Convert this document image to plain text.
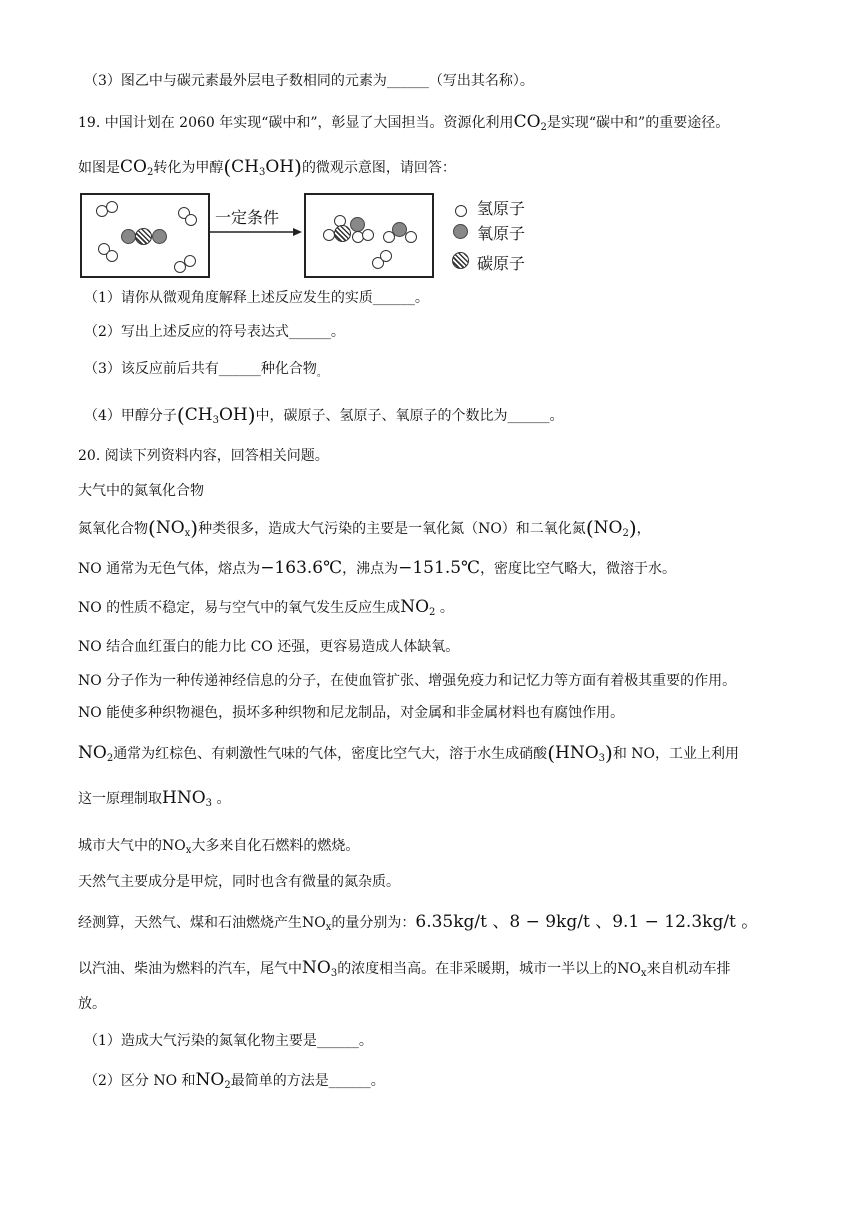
（3）图乙中与碳元素最外层电子数相同的元素为______（写出其名称）。
19. 中国计划在 2060 年实现“碳中和”，彰显了大国担当。资源化利用$CO_2$是实现“碳中和”的重要途径。
如图是$CO_2$转化为甲醇$(CH_3OH)$的微观示意图，请回答：
一定条件	氢原子
氧原子
碳原子
（1）请你从微观角度解释上述反应发生的实质______。
（2）写出上述反应的符号表达式______。
（3）该反应前后共有______种化合物$_。$
（4）甲醇分子$(CH_3OH)$中，碳原子、氢原子、氧原子的个数比为______。
20. 阅读下列资料内容，回答相关问题。
大气中的氮氧化合物
氮氧化合物$(NO_x)$种类很多，造成大气污染的主要是一氧化氮（NO）和二氧化氮$(NO_2)$，
NO 通常为无色气体，熔点为−163.6℃，沸点为−151.5℃，密度比空气略大，微溶于水。
NO 的性质不稳定，易与空气中的氧气发生反应生成$NO_2$ 。
NO 结合血红蛋白的能力比 CO 还强，更容易造成人体缺氧。
NO 分子作为一种传递神经信息的分子，在使血管扩张、增强免疫力和记忆力等方面有着极其重要的作用。
NO 能使多种织物褪色，损坏多种织物和尼龙制品，对金属和非金属材料也有腐蚀作用。
$NO_2$通常为红棕色、有刺激性气味的气体，密度比空气大，溶于水生成硝酸$(HNO_3)$和 NO，工业上利用
这一原理制取$HNO_3$ 。
城市大气中的$NO_x$大多来自化石燃料的燃烧。
天然气主要成分是甲烷，同时也含有微量的氮杂质。
经测算，天然气、煤和石油燃烧产生$NO_x$的量分别为：6.35kg/t 、8 − 9kg/t 、9.1 − 12.3kg/t 。
以汽油、柴油为燃料的汽车，尾气中$NO_3$的浓度相当高。在非采暖期，城市一半以上的$NO_x$来自机动车排
放。
（1）造成大气污染的氮氧化物主要是______。
（2）区分 NO 和$NO_2$最简单的方法是______。
